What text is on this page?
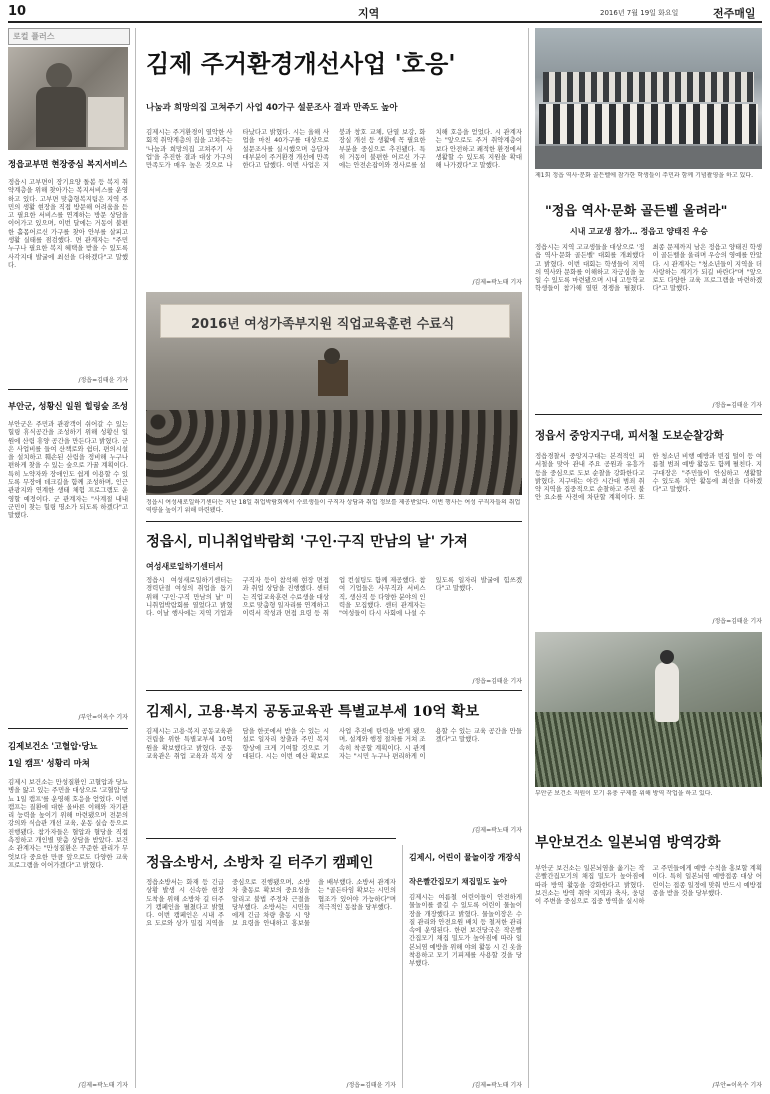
10	지역	2016년 7월 19일 화요일	전주매일
로컬 플러스
정읍교부면 현장중심 복지서비스
정읍시 고부면이 장기요양 돌봄 등 복지 취약계층을 위해 찾아가는 복지서비스를 운영하고 있다. 고부면 맞춤형복지팀은 지역 주민의 생활 현장을 직접 방문해 어려움을 듣고 필요한 서비스를 연계하는 방문 상담을 이어가고 있으며, 이번 달에는 거동이 불편한 홀몸어르신 가구를 찾아 안부를 살피고 생활 실태를 점검했다. 면 관계자는 "주민 누구나 필요한 복지 혜택을 받을 수 있도록 사각지대 발굴에 최선을 다하겠다"고 말했다.
/정읍=김태윤 기자
부안군, 성황신 일원 힐링숲 조성
부안군은 주민과 관광객이 쉬어갈 수 있는 힐링 휴식공간을 조성하기 위해 성황신 일원에 산림 휴양 공간을 만든다고 밝혔다. 군은 사업비를 들여 산책로와 쉼터, 편의시설을 설치하고 훼손된 산림을 정비해 누구나 편하게 찾을 수 있는 숲으로 가꿀 계획이다. 특히 노약자와 장애인도 쉽게 이용할 수 있도록 무장애 데크길을 함께 조성하며, 인근 관광지와 연계한 생태 체험 프로그램도 운영할 예정이다. 군 관계자는 "사계절 내내 군민이 찾는 힐링 명소가 되도록 하겠다"고 말했다.
/부안=이옥수 기자
김제보건소 '고혈압·당뇨
1일 캠프' 성황리 마쳐
김제시 보건소는 만성질환인 고혈압과 당뇨병을 앓고 있는 주민을 대상으로 '고혈압·당뇨 1일 캠프'를 운영해 호응을 얻었다. 이번 캠프는 질환에 대한 올바른 이해와 자기관리 능력을 높이기 위해 마련됐으며 전문의 강의와 식습관 개선 교육, 운동 실습 등으로 진행됐다. 참가자들은 혈압과 혈당을 직접 측정하고 개인별 맞춤 상담을 받았다. 보건소 관계자는 "만성질환은 꾸준한 관리가 무엇보다 중요한 만큼 앞으로도 다양한 교육 프로그램을 이어가겠다"고 밝혔다.
/김제=곽노태 기자
김제 주거환경개선사업 '호응'
나눔과 희망의집 고쳐주기 사업 40가구 설문조사 결과 만족도 높아
김제시는 주거환경이 열악한 사회적 취약계층의 집을 고쳐주는 '나눔과 희망의집 고쳐주기 사업'을 추진한 결과 대상 가구의 만족도가 매우 높은 것으로 나타났다고 밝혔다. 시는 올해 사업을 마친 40가구를 대상으로 설문조사를 실시했으며 응답자 대부분이 주거환경 개선에 만족한다고 답했다. 이번 사업은 지붕과 창호 교체, 단열 보강, 화장실 개선 등 생활에 꼭 필요한 부분을 중심으로 추진됐다. 특히 거동이 불편한 어르신 가구에는 안전손잡이와 경사로를 설치해 호응을 얻었다. 시 관계자는 "앞으로도 주거 취약계층이 보다 안전하고 쾌적한 환경에서 생활할 수 있도록 지원을 확대해 나가겠다"고 말했다.
/김제=곽노태 기자
2016년 여성가족부지원 직업교육훈련 수료식
정읍시 여성새로일하기센터는 지난 18일 취업박람회에서 수료생들이 구직자 상담과 취업 정보를 제공받았다. 이번 행사는 여성 구직자들의 취업 역량을 높이기 위해 마련됐다.
정읍시, 미니취업박람회 '구인·구직 만남의 날' 가져
여성새로일하기센터서
정읍시 여성새로일하기센터는 경력단절 여성의 취업을 돕기 위해 '구인·구직 만남의 날' 미니취업박람회를 열었다고 밝혔다. 이날 행사에는 지역 기업과 구직자 등이 참석해 현장 면접과 취업 상담을 진행했다. 센터는 직업교육훈련 수료생을 대상으로 맞춤형 일자리를 연계하고 이력서 작성과 면접 요령 등 취업 컨설팅도 함께 제공했다. 참여 기업들은 사무직과 서비스직, 생산직 등 다양한 분야의 인력을 모집했다. 센터 관계자는 "여성들이 다시 사회에 나설 수 있도록 일자리 발굴에 힘쓰겠다"고 말했다.
/정읍=김태윤 기자
김제시, 고용·복지 공동교육관 특별교부세 10억 확보
김제시는 고용·복지 공동교육관 건립을 위한 특별교부세 10억원을 확보했다고 밝혔다. 공동교육관은 취업 교육과 복지 상담을 한곳에서 받을 수 있는 시설로 일자리 창출과 주민 복지 향상에 크게 기여할 것으로 기대된다. 시는 이번 예산 확보로 사업 추진에 탄력을 받게 됐으며, 설계와 행정 절차를 거쳐 조속히 착공할 계획이다. 시 관계자는 "시민 누구나 편리하게 이용할 수 있는 교육 공간을 만들겠다"고 말했다.
/김제=곽노태 기자
정읍소방서, 소방차 길 터주기 캠페인
정읍소방서는 화재 등 긴급 상황 발생 시 신속한 현장 도착을 위해 소방차 길 터주기 캠페인을 펼쳤다고 밝혔다. 이번 캠페인은 시내 주요 도로와 상가 밀집 지역을 중심으로 진행됐으며, 소방차 출동로 확보의 중요성을 알리고 불법 주정차 근절을 당부했다. 소방서는 시민들에게 긴급 차량 출동 시 양보 요령을 안내하고 홍보물을 배부했다. 소방서 관계자는 "골든타임 확보는 시민의 협조가 있어야 가능하다"며 적극적인 동참을 당부했다.
/정읍=김태윤 기자
김제시, 어린이 물놀이장 개장식
작은빨간집모기 채집밀도 높아
김제시는 여름철 어린이들이 안전하게 물놀이를 즐길 수 있도록 어린이 물놀이장을 개장했다고 밝혔다. 물놀이장은 수질 관리와 안전요원 배치 등 철저한 관리 속에 운영된다. 한편 보건당국은 작은빨간집모기 채집 밀도가 높아짐에 따라 일본뇌염 예방을 위해 야외 활동 시 긴 옷을 착용하고 모기 기피제를 사용할 것을 당부했다.
/김제=곽노태 기자
제1회 정읍 역사·문화 골든벨에 참가한 학생들이 주민과 함께 기념촬영을 하고 있다.
"정읍 역사·문화 골든벨 울려라"
시내 고교생 참가… 정읍고 양태진 우승
정읍시는 지역 고교생들을 대상으로 '정읍 역사·문화 골든벨' 대회를 개최했다고 밝혔다. 이번 대회는 학생들이 지역의 역사와 문화를 이해하고 자긍심을 높일 수 있도록 마련됐으며 시내 고등학교 학생들이 참가해 열띤 경쟁을 펼쳤다. 최종 문제까지 남은 정읍고 양태진 학생이 골든벨을 울리며 우승의 영예를 안았다. 시 관계자는 "청소년들이 지역을 더 사랑하는 계기가 되길 바란다"며 "앞으로도 다양한 교육 프로그램을 마련하겠다"고 말했다.
/정읍=김태윤 기자
정읍서 중앙지구대, 피서철 도보순찰강화
정읍경찰서 중앙지구대는 본격적인 피서철을 맞아 관내 주요 공원과 유흥가 등을 중심으로 도보 순찰을 강화한다고 밝혔다. 지구대는 야간 시간대 범죄 취약 지역을 집중적으로 순찰하고 주민 불안 요소를 사전에 차단할 계획이다. 또한 청소년 비행 예방과 빈집 털이 등 여름철 범죄 예방 활동도 함께 펼친다. 지구대장은 "주민들이 안심하고 생활할 수 있도록 치안 활동에 최선을 다하겠다"고 말했다.
/정읍=김태윤 기자
부안군 보건소 직원이 모기 유충 구제를 위해 방역 작업을 하고 있다.
부안보건소 일본뇌염 방역강화
부안군 보건소는 일본뇌염을 옮기는 작은빨간집모기의 채집 밀도가 높아짐에 따라 방역 활동을 강화한다고 밝혔다. 보건소는 방역 취약 지역과 축사, 웅덩이 주변을 중심으로 집중 방역을 실시하고 주민들에게 예방 수칙을 홍보할 계획이다. 특히 일본뇌염 예방접종 대상 어린이는 접종 일정에 맞춰 반드시 예방접종을 받을 것을 당부했다.
/부안=이옥수 기자
